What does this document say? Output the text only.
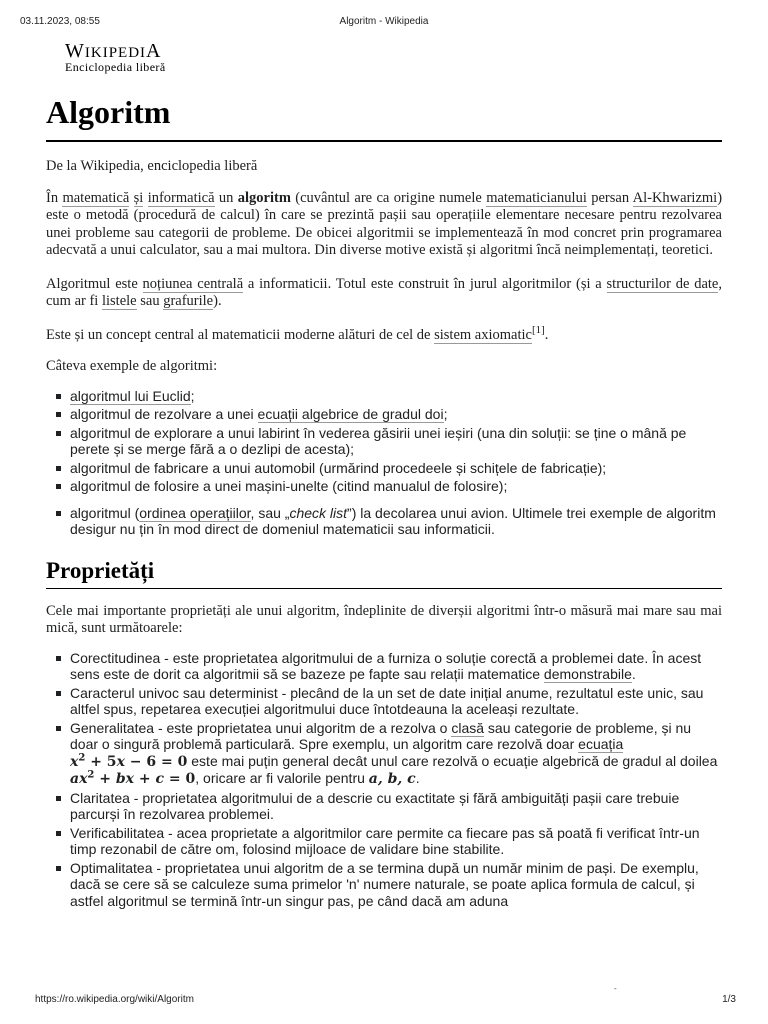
03.11.2023, 08:55	Algoritm - Wikipedia
WIKIPEDIA
Enciclopedia liberă
Algoritm

De la Wikipedia, enciclopedia liberă

În matematică și informatică un algoritm (cuvântul are ca origine numele matematicianului persan Al-Khwarizmi) este o metodă (procedură de calcul) în care se prezintă pașii sau operațiile elementare necesare pentru rezolvarea unei probleme sau categorii de probleme. De obicei algoritmii se implementează în mod concret prin programarea adecvată a unui calculator, sau a mai multora. Din diverse motive există și algoritmi încă neimplementați, teoretici.

Algoritmul este noțiunea centrală a informaticii. Totul este construit în jurul algoritmilor (și a structurilor de date, cum ar fi listele sau grafurile).

Este și un concept central al matematicii moderne alături de cel de sistem axiomatic[1].

Câteva exemple de algoritmi:

algoritmul lui Euclid;
algoritmul de rezolvare a unei ecuații algebrice de gradul doi;
algoritmul de explorare a unui labirint în vederea găsirii unei ieșiri (una din soluții: se ține o mână pe perete și se merge fără a o dezlipi de acesta);
algoritmul de fabricare a unui automobil (urmărind procedeele și schițele de fabricație);
algoritmul de folosire a unei mașini-unelte (citind manualul de folosire);
algoritmul (ordinea operațiilor, sau „check list”) la decolarea unui avion. Ultimele trei exemple de algoritm desigur nu țin în mod direct de domeniul matematicii sau informaticii.
Proprietăți

Cele mai importante proprietăți ale unui algoritm, îndeplinite de diverșii algoritmi într-o măsură mai mare sau mai mică, sunt următoarele:

Corectitudinea - este proprietatea algoritmului de a furniza o soluție corectă a problemei date. În acest sens este de dorit ca algoritmii să se bazeze pe fapte sau relații matematice demonstrabile.
Caracterul univoc sau determinist - plecând de la un set de date inițial anume, rezultatul este unic, sau altfel spus, repetarea execuției algoritmului duce întotdeauna la aceleași rezultate.
Generalitatea - este proprietatea unui algoritm de a rezolva o clasă sau categorie de probleme, și nu doar o singură problemă particulară. Spre exemplu, un algoritm care rezolvă doar ecuația
$x^2 + 5x - 6 = 0$ este mai puțin general decât unul care rezolvă o ecuație algebrică de gradul al doilea $ax^2$ + bx + c = 0, oricare ar fi valorile pentru a, b, c.
Claritatea - proprietatea algoritmului de a descrie cu exactitate și fără ambiguități pașii care trebuie parcurși în rezolvarea problemei.
Verificabilitatea - acea proprietate a algoritmilor care permite ca fiecare pas să poată fi verificat într-un timp rezonabil de către om, folosind mijloace de validare bine stabilite.
Optimalitatea - proprietatea unui algoritm de a se termina după un număr minim de pași. De exemplu, dacă se cere să se calculeze suma primelor 'n' numere naturale, se poate aplica formula de calcul, și astfel algoritmul se termină într-un singur pas, pe când dacă am aduna
-
https://ro.wikipedia.org/wiki/Algoritm	1/3
